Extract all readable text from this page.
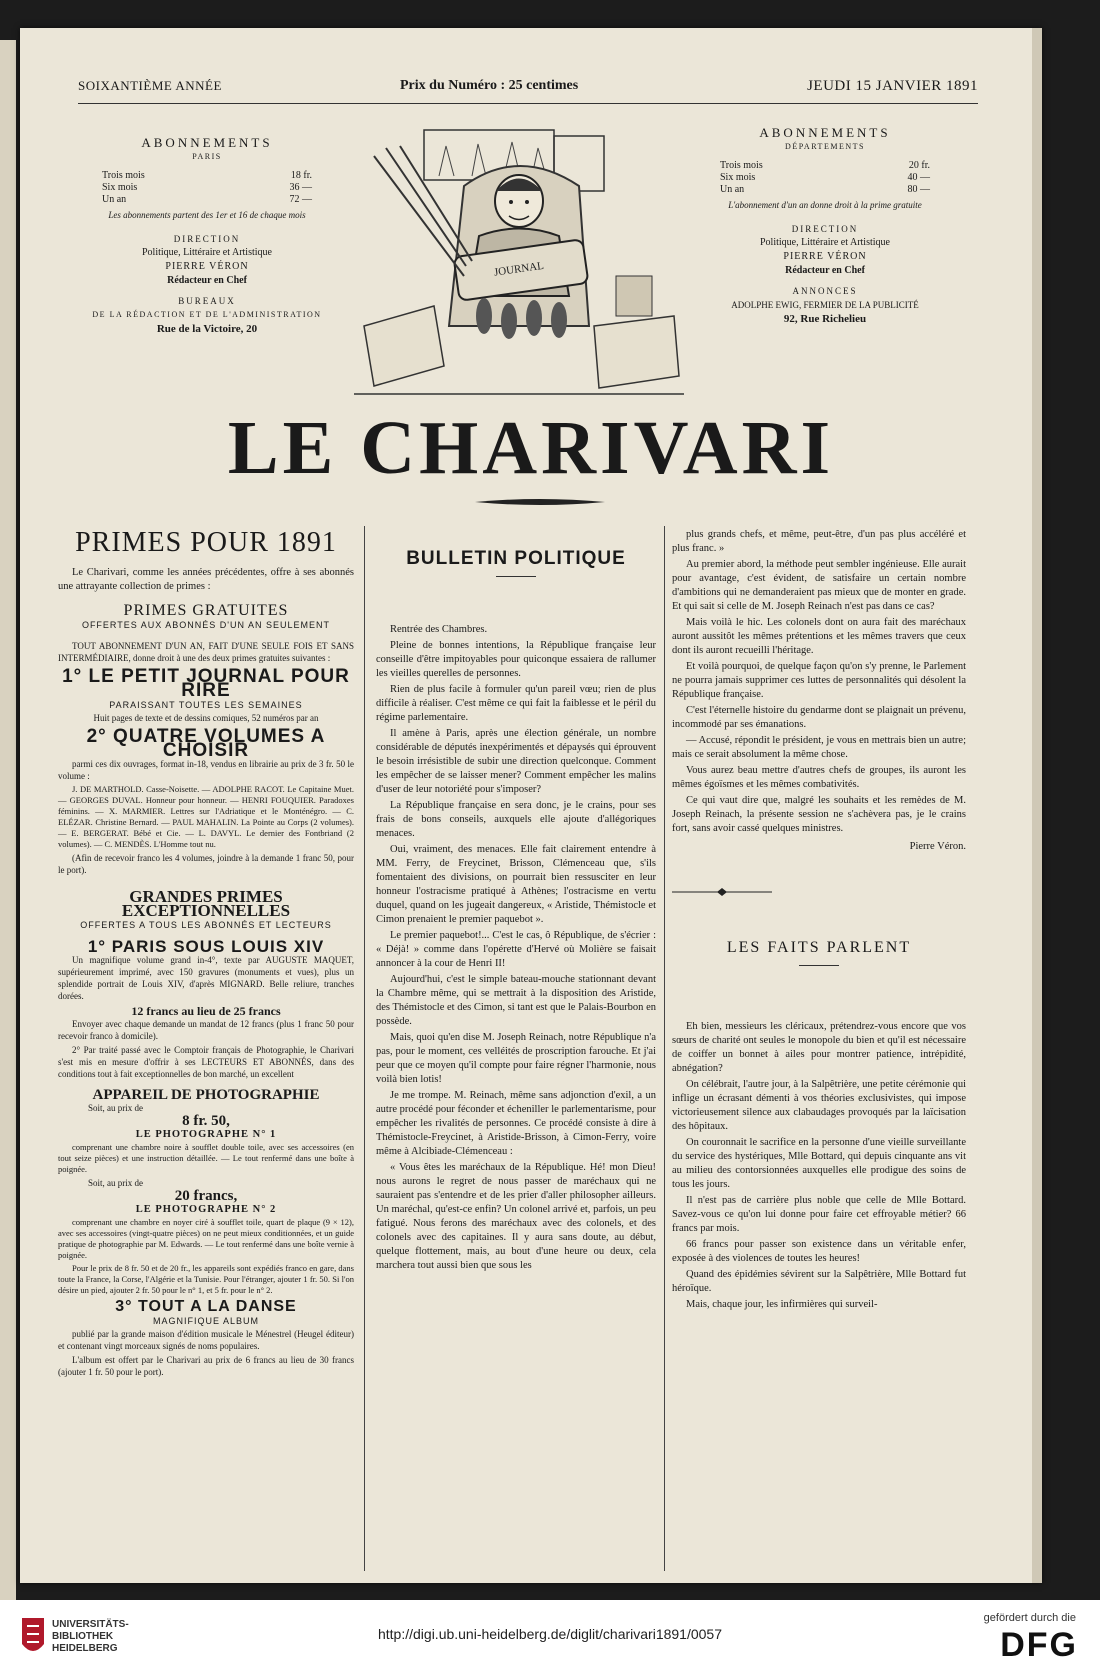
SOIXANTIÈME ANNÉE	Prix du Numéro : 25 centimes	JEUDI 15 JANVIER 1891
ABONNEMENTS
PARIS
Trois mois	18 fr.
Six mois	36 —
Un an	72 —
Les abonnements partent des 1er et 16 de chaque mois
DIRECTION
Politique, Littéraire et Artistique
PIERRE VÉRON
Rédacteur en Chef
BUREAUX
DE LA RÉDACTION ET DE L'ADMINISTRATION
Rue de la Victoire, 20
JOURNAL
ABONNEMENTS
DÉPARTEMENTS
Trois mois	20 fr.
Six mois	40 —
Un an	80 —
L'abonnement d'un an donne droit à la prime gratuite
DIRECTION
Politique, Littéraire et Artistique
PIERRE VÉRON
Rédacteur en Chef
ANNONCES
ADOLPHE EWIG, FERMIER DE LA PUBLICITÉ
92, Rue Richelieu
LE CHARIVARI
PRIMES POUR 1891

Le Charivari, comme les années précédentes, offre à ses abonnés une attrayante collection de primes :

PRIMES GRATUITES
OFFERTES AUX ABONNÉS D'UN AN SEULEMENT

TOUT ABONNEMENT D'UN AN, FAIT D'UNE SEULE FOIS ET SANS INTERMÉDIAIRE, donne droit à une des deux primes gratuites suivantes :

1° LE PETIT JOURNAL POUR RIRE
PARAISSANT TOUTES LES SEMAINES
Huit pages de texte et de dessins comiques, 52 numéros par an
2° QUATRE VOLUMES A CHOISIR

parmi ces dix ouvrages, format in-18, vendus en librairie au prix de 3 fr. 50 le volume :

J. DE MARTHOLD. Casse-Noisette. — ADOLPHE RACOT. Le Capitaine Muet. — GEORGES DUVAL. Honneur pour honneur. — HENRI FOUQUIER. Paradoxes féminins. — X. MARMIER. Lettres sur l'Adriatique et le Monténégro. — C. ELÉZAR. Christine Bernard. — PAUL MAHALIN. La Pointe au Corps (2 volumes). — E. BERGERAT. Bébé et Cie. — L. DAVYL. Le dernier des Fontbriand (2 volumes). — C. MENDÈS. L'Homme tout nu.

(Afin de recevoir franco les 4 volumes, joindre à la demande 1 franc 50, pour le port).

GRANDES PRIMES EXCEPTIONNELLES
OFFERTES A TOUS LES ABONNÉS ET LECTEURS
1° PARIS SOUS LOUIS XIV

Un magnifique volume grand in-4°, texte par AUGUSTE MAQUET, supérieurement imprimé, avec 150 gravures (monuments et vues), plus un splendide portrait de Louis XIV, d'après MIGNARD. Belle reliure, tranches dorées.

12 francs au lieu de 25 francs

Envoyer avec chaque demande un mandat de 12 francs (plus 1 franc 50 pour recevoir franco à domicile).

2° Par traité passé avec le Comptoir français de Photographie, le Charivari s'est mis en mesure d'offrir à ses LECTEURS ET ABONNÉS, dans des conditions tout à fait exceptionnelles de bon marché, un excellent

APPAREIL DE PHOTOGRAPHIE
Soit, au prix de
8 fr. 50,
LE PHOTOGRAPHE N° 1

comprenant une chambre noire à soufflet double toile, avec ses accessoires (en tout seize pièces) et une instruction détaillée. — Le tout renfermé dans une boîte à poignée.

Soit, au prix de
20 francs,
LE PHOTOGRAPHE N° 2

comprenant une chambre en noyer ciré à soufflet toile, quart de plaque (9 × 12), avec ses accessoires (vingt-quatre pièces) on ne peut mieux conditionnées, et un guide pratique de photographie par M. Edwards. — Le tout renfermé dans une boîte vernie à poignée.

Pour le prix de 8 fr. 50 et de 20 fr., les appareils sont expédiés franco en gare, dans toute la France, la Corse, l'Algérie et la Tunisie. Pour l'étranger, ajouter 1 fr. 50. Si l'on désire un pied, ajouter 2 fr. 50 pour le n° 1, et 5 fr. pour le n° 2.

3° TOUT A LA DANSE
MAGNIFIQUE ALBUM

publié par la grande maison d'édition musicale le Ménestrel (Heugel éditeur) et contenant vingt morceaux signés de noms populaires.

L'album est offert par le Charivari au prix de 6 francs au lieu de 30 francs (ajouter 1 fr. 50 pour le port).

BULLETIN POLITIQUE

Rentrée des Chambres.

Pleine de bonnes intentions, la République française leur conseille d'être impitoyables pour quiconque essaiera de rallumer les vieilles querelles de personnes.

Rien de plus facile à formuler qu'un pareil vœu; rien de plus difficile à réaliser. C'est même ce qui fait la faiblesse et le péril du régime parlementaire.

Il amène à Paris, après une élection générale, un nombre considérable de députés inexpérimentés et dépaysés qui éprouvent le besoin irrésistible de subir une direction quelconque. Comment les empêcher de se laisser mener? Comment empêcher les malins d'user de leur notoriété pour s'imposer?

La République française en sera donc, je le crains, pour ses frais de bons conseils, auxquels elle ajoute d'allégoriques menaces.

Oui, vraiment, des menaces. Elle fait clairement entendre à MM. Ferry, de Freycinet, Brisson, Clémenceau que, s'ils fomentaient des divisions, on pourrait bien ressusciter en leur honneur l'ostracisme pratiqué à Athènes; l'ostracisme en vertu duquel, quand on les jugeait dangereux, « Aristide, Thémistocle et Cimon prenaient le premier paquebot ».

Le premier paquebot!... C'est le cas, ô République, de s'écrier : « Déjà! » comme dans l'opérette d'Hervé où Molière se faisait annoncer à la cour de Henri II!

Aujourd'hui, c'est le simple bateau-mouche stationnant devant la Chambre même, qui se mettrait à la disposition des Aristide, des Thémistocle et des Cimon, si tant est que le Palais-Bourbon en possède.

Mais, quoi qu'en dise M. Joseph Reinach, notre République n'a pas, pour le moment, ces velléités de proscription farouche. Et j'ai peur que ce moyen qu'il compte pour faire régner l'harmonie, nous voilà bien lotis!

Je me trompe. M. Reinach, même sans adjonction d'exil, a un autre procédé pour féconder et écheniller le parlementarisme, pour empêcher les rivalités de personnes. Ce procédé consiste à dire à Thémistocle-Freycinet, à Aristide-Brisson, à Cimon-Ferry, voire même à Alcibiade-Clémenceau :

« Vous êtes les maréchaux de la République. Hé! mon Dieu! nous aurons le regret de nous passer de maréchaux qui ne sauraient pas s'entendre et de les prier d'aller philosopher ailleurs. Un maréchal, qu'est-ce enfin? Un colonel arrivé et, parfois, un peu fatigué. Nous ferons des maréchaux avec des colonels, et des colonels avec des capitaines. Il y aura sans doute, au début, quelque flottement, mais, au bout d'une heure ou deux, cela marchera tout aussi bien que sous les

plus grands chefs, et même, peut-être, d'un pas plus accéléré et plus franc. »

Au premier abord, la méthode peut sembler ingénieuse. Elle aurait pour avantage, c'est évident, de satisfaire un certain nombre d'ambitions qui ne demanderaient pas mieux que de monter en grade. Et qui sait si celle de M. Joseph Reinach n'est pas dans ce cas?

Mais voilà le hic. Les colonels dont on aura fait des maréchaux auront aussitôt les mêmes prétentions et les mêmes travers que ceux dont ils auront recueilli l'héritage.

Et voilà pourquoi, de quelque façon qu'on s'y prenne, le Parlement ne pourra jamais supprimer ces luttes de personnalités qui désolent la République française.

C'est l'éternelle histoire du gendarme dont se plaignait un prévenu, incommodé par ses émanations.

— Accusé, répondit le président, je vous en mettrais bien un autre; mais ce serait absolument la même chose.

Vous aurez beau mettre d'autres chefs de groupes, ils auront les mêmes égoïsmes et les mêmes combativités.

Ce qui vaut dire que, malgré les souhaits et les remèdes de M. Joseph Reinach, la présente session ne s'achèvera pas, je le crains fort, sans avoir cassé quelques ministres.

Pierre Véron.
LES FAITS PARLENT

Eh bien, messieurs les cléricaux, prétendrez-vous encore que vos sœurs de charité ont seules le monopole du bien et qu'il est nécessaire de coiffer un bonnet à ailes pour montrer patience, intrépidité, abnégation?

On célébrait, l'autre jour, à la Salpêtrière, une petite cérémonie qui inflige un écrasant démenti à vos théories exclusivistes, qui impose victorieusement silence aux clabaudages provoqués par la laïcisation des hôpitaux.

On couronnait le sacrifice en la personne d'une vieille surveillante du service des hystériques, Mlle Bottard, qui depuis cinquante ans vit au milieu des contorsionnées auxquelles elle prodigue des soins de tous les jours.

Il n'est pas de carrière plus noble que celle de Mlle Bottard. Savez-vous ce qu'on lui donne pour faire cet effroyable métier? 66 francs par mois.

66 francs pour passer son existence dans un véritable enfer, exposée à des violences de toutes les heures!

Quand des épidémies sévirent sur la Salpêtrière, Mlle Bottard fut héroïque.

Mais, chaque jour, les infirmières qui surveil-

UNIVERSITÄTS- BIBLIOTHEK HEIDELBERG
http://digi.ub.uni-heidelberg.de/diglit/charivari1891/0057
gefördert durch die
DFG
